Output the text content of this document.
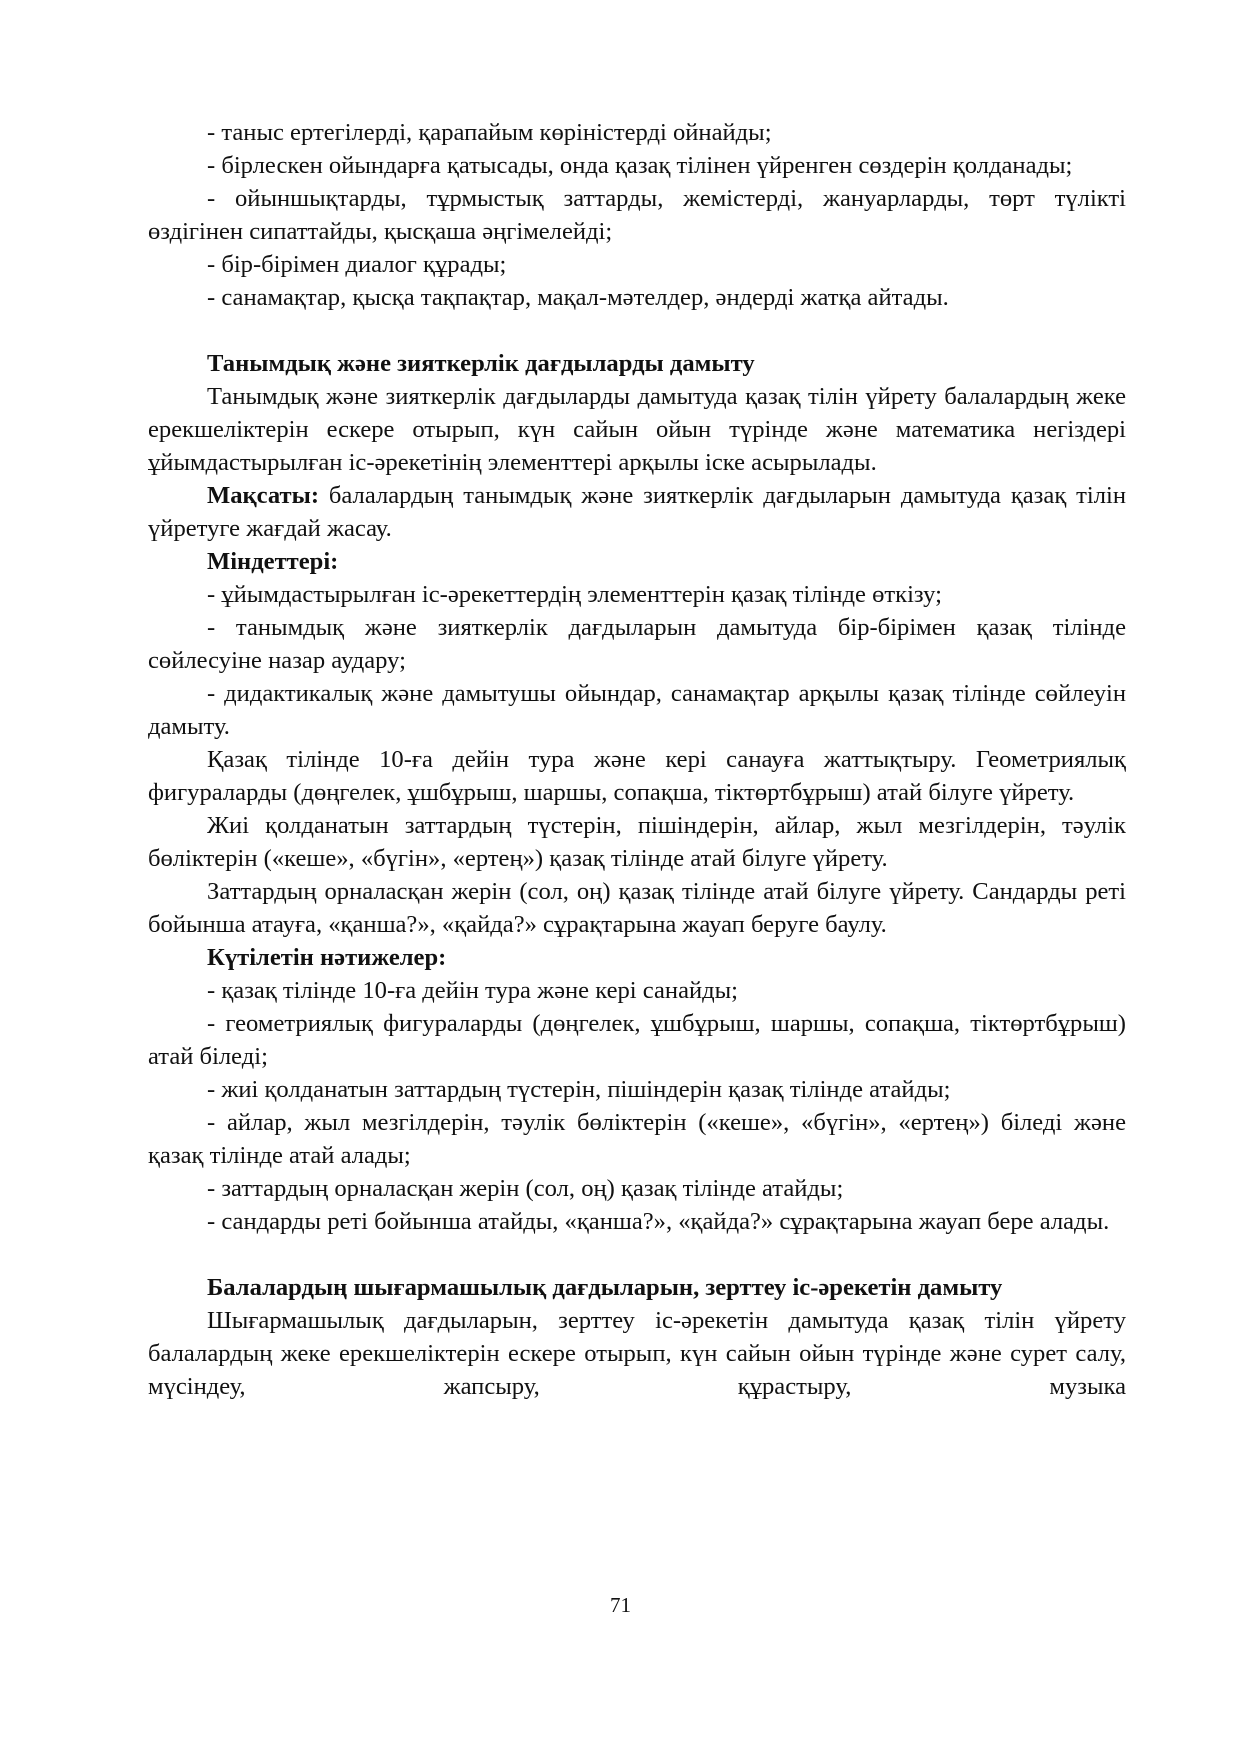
- таныс ертегілерді, қарапайым көріністерді ойнайды;

- бірлескен ойындарға қатысады, онда қазақ тілінен үйренген сөздерін қолданады;

- ойыншықтарды, тұрмыстық заттарды, жемістерді, жануарларды, төрт түлікті өздігінен сипаттайды, қысқаша әңгімелейді;

- бір-бірімен диалог құрады;

- санамақтар, қысқа тақпақтар, мақал-мәтелдер, әндерді жатқа айтады.

Танымдық және зияткерлік дағдыларды дамыту

Танымдық және зияткерлік дағдыларды дамытуда қазақ тілін үйрету балалардың жеке ерекшеліктерін ескере отырып, күн сайын ойын түрінде және математика негіздері ұйымдастырылған іс-әрекетінің элементтері арқылы іске асырылады.

Мақсаты: балалардың танымдық және зияткерлік дағдыларын дамытуда қазақ тілін үйретуге жағдай жасау.

Міндеттері:

- ұйымдастырылған іс-әрекеттердің элементтерін қазақ тілінде өткізу;

- танымдық және зияткерлік дағдыларын дамытуда бір-бірімен қазақ тілінде сөйлесуіне назар аудару;

- дидактикалық және дамытушы ойындар, санамақтар арқылы қазақ тілінде сөйлеуін дамыту.

Қазақ тілінде 10-ға дейін тура және кері санауға жаттықтыру. Геометриялық фигураларды (дөңгелек, ұшбұрыш, шаршы, сопақша, тіктөртбұрыш) атай білуге үйрету.

Жиі қолданатын заттардың түстерін, пішіндерін, айлар, жыл мезгілдерін, тәулік бөліктерін («кеше», «бүгін», «ертең») қазақ тілінде атай білуге үйрету.

Заттардың орналасқан жерін (сол, оң) қазақ тілінде атай білуге үйрету. Сандарды реті бойынша атауға, «қанша?», «қайда?» сұрақтарына жауап беруге баулу.

Күтілетін нәтижелер:

- қазақ тілінде 10-ға дейін тура және кері санайды;

- геометриялық фигураларды (дөңгелек, ұшбұрыш, шаршы, сопақша, тіктөртбұрыш) атай біледі;

- жиі қолданатын заттардың түстерін, пішіндерін қазақ тілінде атайды;

- айлар, жыл мезгілдерін, тәулік бөліктерін («кеше», «бүгін», «ертең») біледі және қазақ тілінде атай алады;

- заттардың орналасқан жерін (сол, оң) қазақ тілінде атайды;

- сандарды реті бойынша атайды, «қанша?», «қайда?» сұрақтарына жауап бере алады.

Балалардың шығармашылық дағдыларын, зерттеу іс-әрекетін дамыту

Шығармашылық дағдыларын, зерттеу іс-әрекетін дамытуда қазақ тілін үйрету балалардың жеке ерекшеліктерін ескере отырып, күн сайын ойын түрінде және сурет салу, мүсіндеу, жапсыру, құрастыру, музыка

71
